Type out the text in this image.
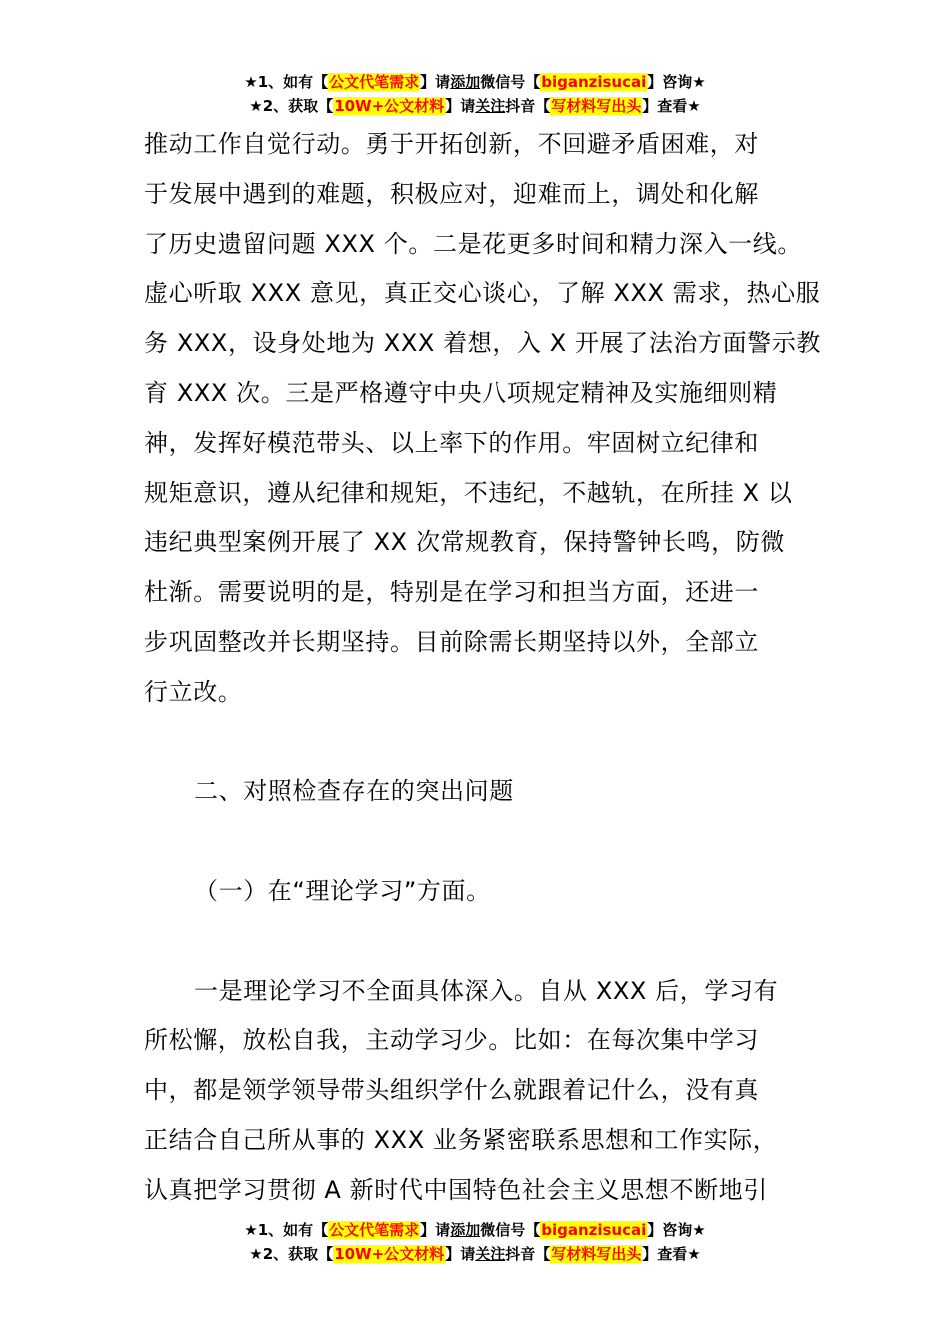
★1、如有【公文代笔需求】请添加微信号【biganzisucai】咨询★
★2、获取【10W+公文材料】请关注抖音【写材料写出头】查看★
推动工作自觉行动。勇于开拓创新，不回避矛盾困难，对
于发展中遇到的难题，积极应对，迎难而上，调处和化解
了历史遗留问题 XXX 个。二是花更多时间和精力深入一线。
虚心听取 XXX 意见，真正交心谈心，了解 XXX 需求，热心服
务 XXX，设身处地为 XXX 着想，入 X 开展了法治方面警示教
育 XXX 次。三是严格遵守中央八项规定精神及实施细则精
神，发挥好模范带头、以上率下的作用。牢固树立纪律和
规矩意识，遵从纪律和规矩，不违纪，不越轨，在所挂 X 以
违纪典型案例开展了 XX 次常规教育，保持警钟长鸣，防微
杜渐。需要说明的是，特别是在学习和担当方面，还进一
步巩固整改并长期坚持。目前除需长期坚持以外，全部立
行立改。
二、对照检查存在的突出问题
（一）在“理论学习”方面。
一是理论学习不全面具体深入。自从 XXX 后，学习有
所松懈，放松自我，主动学习少。比如：在每次集中学习
中，都是领学领导带头组织学什么就跟着记什么，没有真
正结合自己所从事的 XXX 业务紧密联系思想和工作实际，
认真把学习贯彻 A 新时代中国特色社会主义思想不断地引
★1、如有【公文代笔需求】请添加微信号【biganzisucai】咨询★
★2、获取【10W+公文材料】请关注抖音【写材料写出头】查看★
